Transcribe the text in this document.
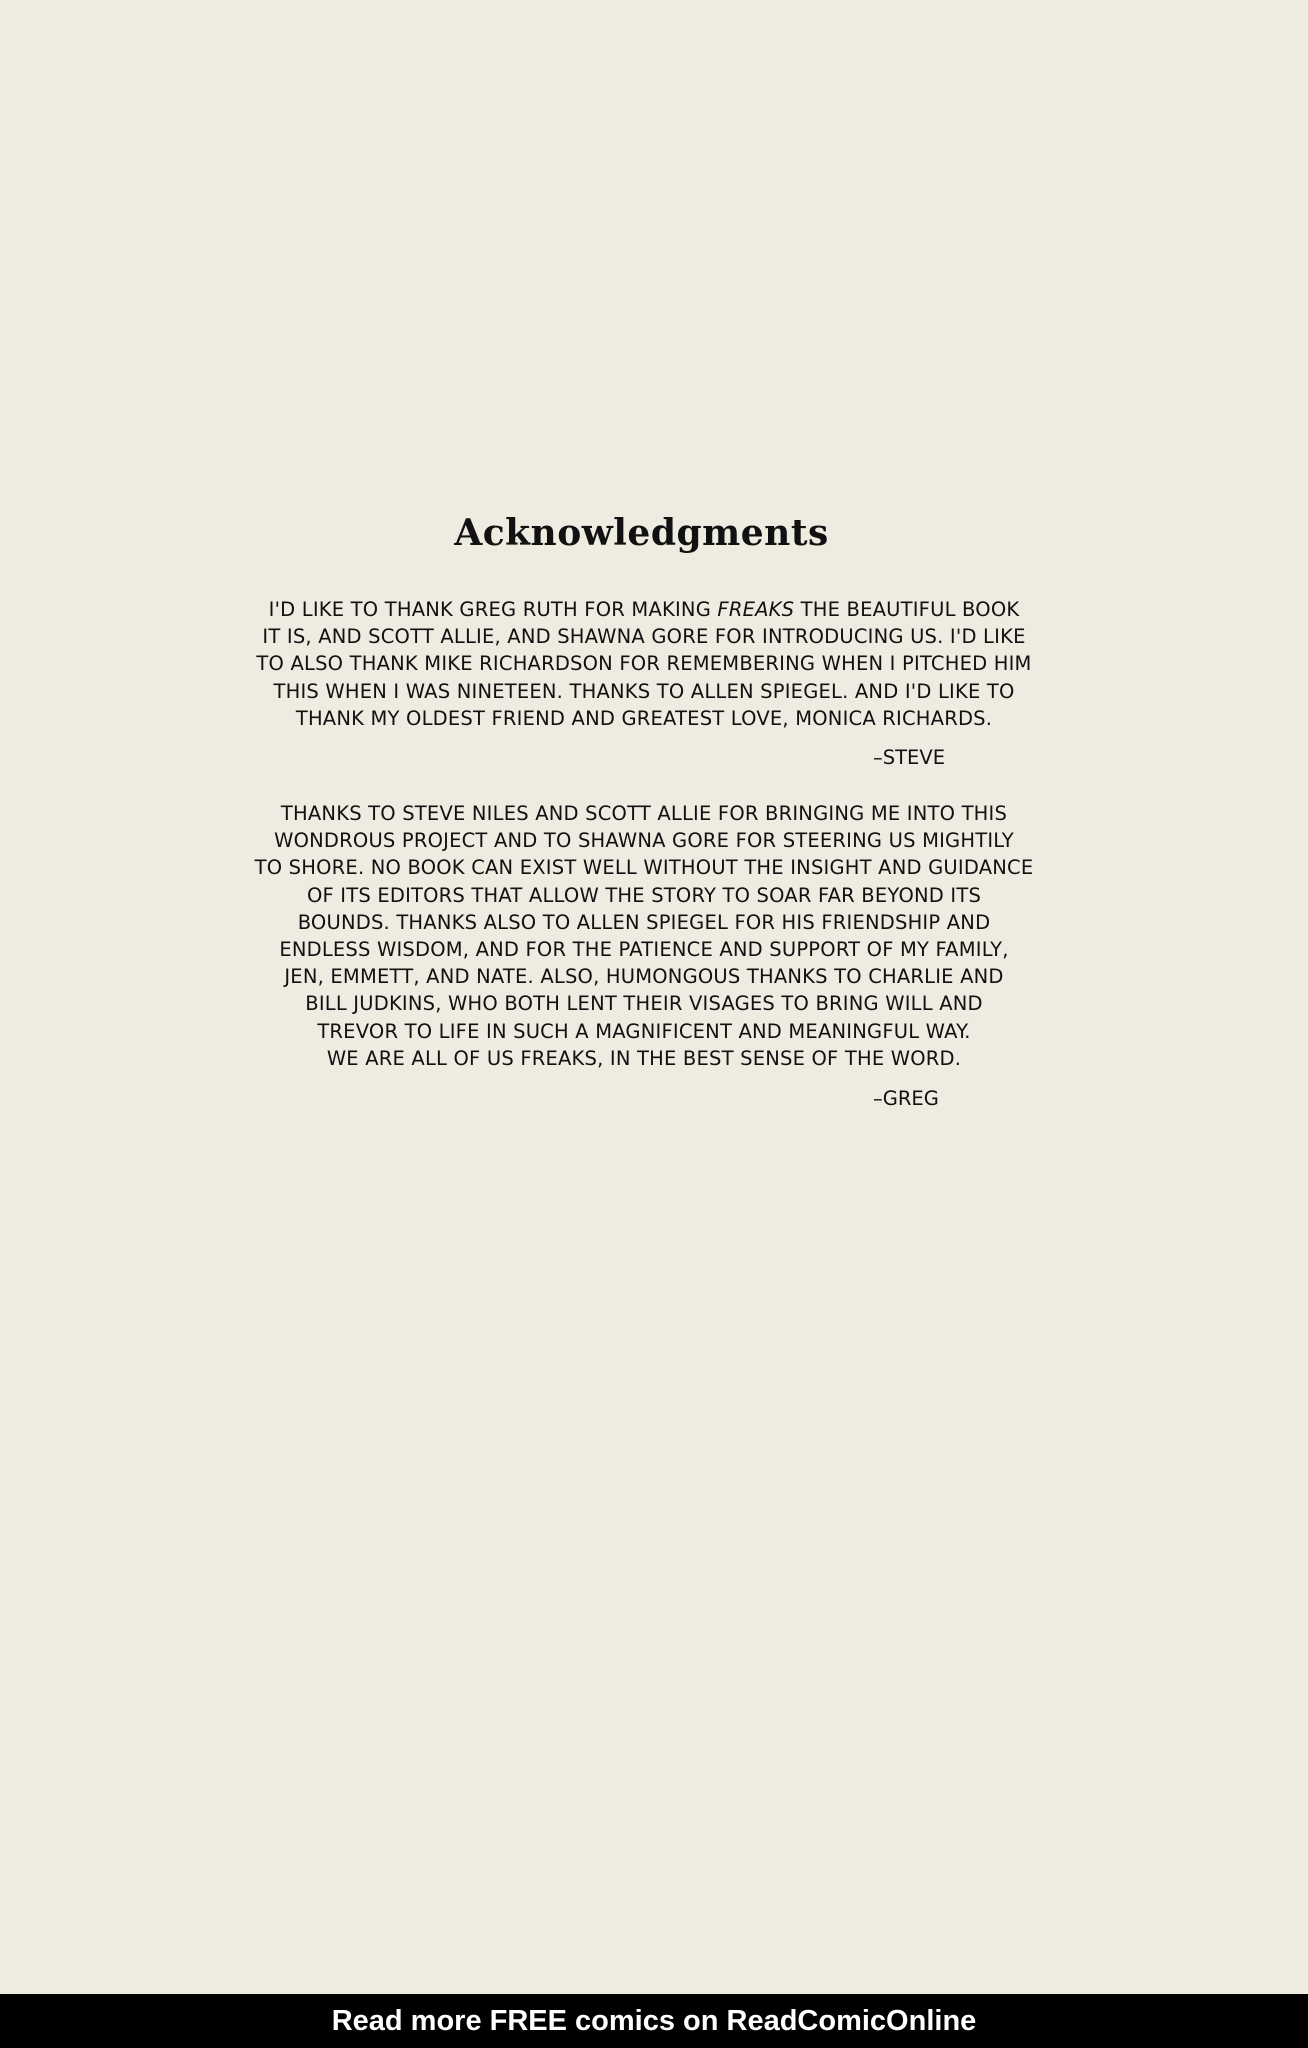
Acknowledgments
I'D LIKE TO THANK GREG RUTH FOR MAKING FREAKS THE BEAUTIFUL BOOK
IT IS, AND SCOTT ALLIE, AND SHAWNA GORE FOR INTRODUCING US. I'D LIKE
TO ALSO THANK MIKE RICHARDSON FOR REMEMBERING WHEN I PITCHED HIM
THIS WHEN I WAS NINETEEN. THANKS TO ALLEN SPIEGEL. AND I'D LIKE TO
THANK MY OLDEST FRIEND AND GREATEST LOVE, MONICA RICHARDS.
–STEVE
THANKS TO STEVE NILES AND SCOTT ALLIE FOR BRINGING ME INTO THIS
WONDROUS PROJECT AND TO SHAWNA GORE FOR STEERING US MIGHTILY
TO SHORE. NO BOOK CAN EXIST WELL WITHOUT THE INSIGHT AND GUIDANCE
OF ITS EDITORS THAT ALLOW THE STORY TO SOAR FAR BEYOND ITS
BOUNDS. THANKS ALSO TO ALLEN SPIEGEL FOR HIS FRIENDSHIP AND
ENDLESS WISDOM, AND FOR THE PATIENCE AND SUPPORT OF MY FAMILY,
JEN, EMMETT, AND NATE. ALSO, HUMONGOUS THANKS TO CHARLIE AND
BILL JUDKINS, WHO BOTH LENT THEIR VISAGES TO BRING WILL AND
TREVOR TO LIFE IN SUCH A MAGNIFICENT AND MEANINGFUL WAY.
WE ARE ALL OF US FREAKS, IN THE BEST SENSE OF THE WORD.
–GREG
Read more FREE comics on ReadComicOnline
